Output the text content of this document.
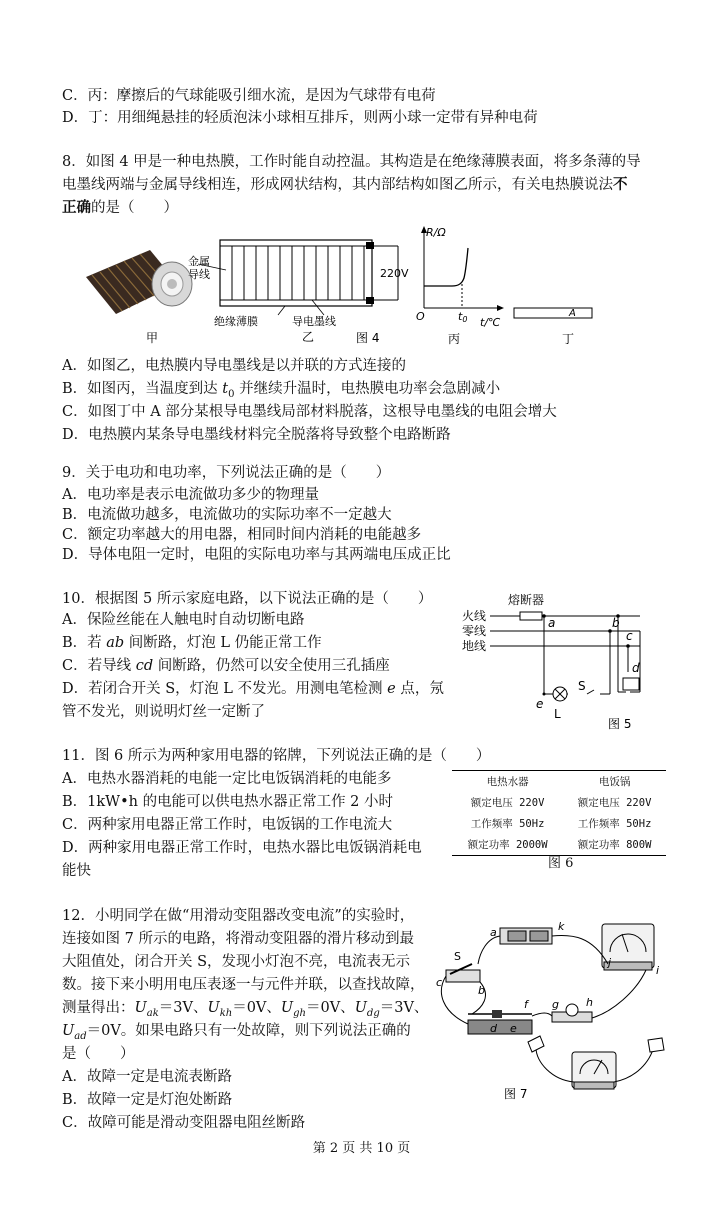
C．丙：摩擦后的气球能吸引细水流，是因为气球带有电荷
D．丁：用细绳悬挂的轻质泡沫小球相互排斥，则两小球一定带有异种电荷
8．如图 4 甲是一种电热膜，工作时能自动控温。其构造是在绝缘薄膜表面，将多条薄的导
电墨线两端与金属导线相连，形成网状结构，其内部结构如图乙所示，有关电热膜说法不
正确的是（　　）
甲
金属
导线	220V
绝缘薄膜	导电墨线
乙	图 4
R/Ω
O	t0 t/℃
丙
A
丁
A．如图乙，电热膜内导电墨线是以并联的方式连接的
B．如图丙，当温度到达 $t_0$ 并继续升温时，电热膜电功率会急剧减小
C．如图丁中 A 部分某根导电墨线局部材料脱落，这根导电墨线的电阻会增大
D．电热膜内某条导电墨线材料完全脱落将导致整个电路断路
9．关于电功和电功率，下列说法正确的是（　　）
A．电功率是表示电流做功多少的物理量
B．电流做功越多，电流做功的实际功率不一定越大
C．额定功率越大的用电器，相同时间内消耗的电能越多
D．导体电阻一定时，电阻的实际电功率与其两端电压成正比
10．根据图 5 所示家庭电路，以下说法正确的是（　　）
A．保险丝能在人触电时自动切断电路
B．若 ab 间断路，灯泡 L 仍能正常工作
C．若导线 cd 间断路，仍然可以安全使用三孔插座
D．若闭合开关 S，灯泡 L 不发光。用测电笔检测 e 点，氖
管不发光，则说明灯丝一定断了
熔断器
火线
零线
地线
a	b
c
d
e
S
L
图 5
11．图 6 所示为两种家用电器的铭牌，下列说法正确的是（　　）
A．电热水器消耗的电能一定比电饭锅消耗的电能多
B．1kW•h 的电能可以供电热水器正常工作 2 小时
C．两种家用电器正常工作时，电饭锅的工作电流大
D．两种家用电器正常工作时，电热水器比电饭锅消耗电
能快
电热水器	电饭锅
额定电压 220V	额定电压 220V
工作频率 50Hz	工作频率 50Hz
额定功率 2000W	额定功率 800W
图 6
12．小明同学在做“用滑动变阻器改变电流”的实验时，
连接如图 7 所示的电路，将滑动变阻器的滑片移动到最
大阻值处，闭合开关 S，发现小灯泡不亮，电流表无示
数。接下来小明用电压表逐一与元件并联，以查找故障，
测量得出：$U_{ak}=3V$、$U_{kh}=0V$、$U_{gh}=0V$、$U_{dg}=3V$、
$U_{ad}=0V$。如果电路只有一处故障，则下列说法正确的
是（　　）
A．故障一定是电流表断路
B．故障一定是灯泡处断路
C．故障可能是滑动变阻器电阻丝断路
a	k
j
i
S
c
b
d e
f g h
图 7
第 2 页 共 10 页
